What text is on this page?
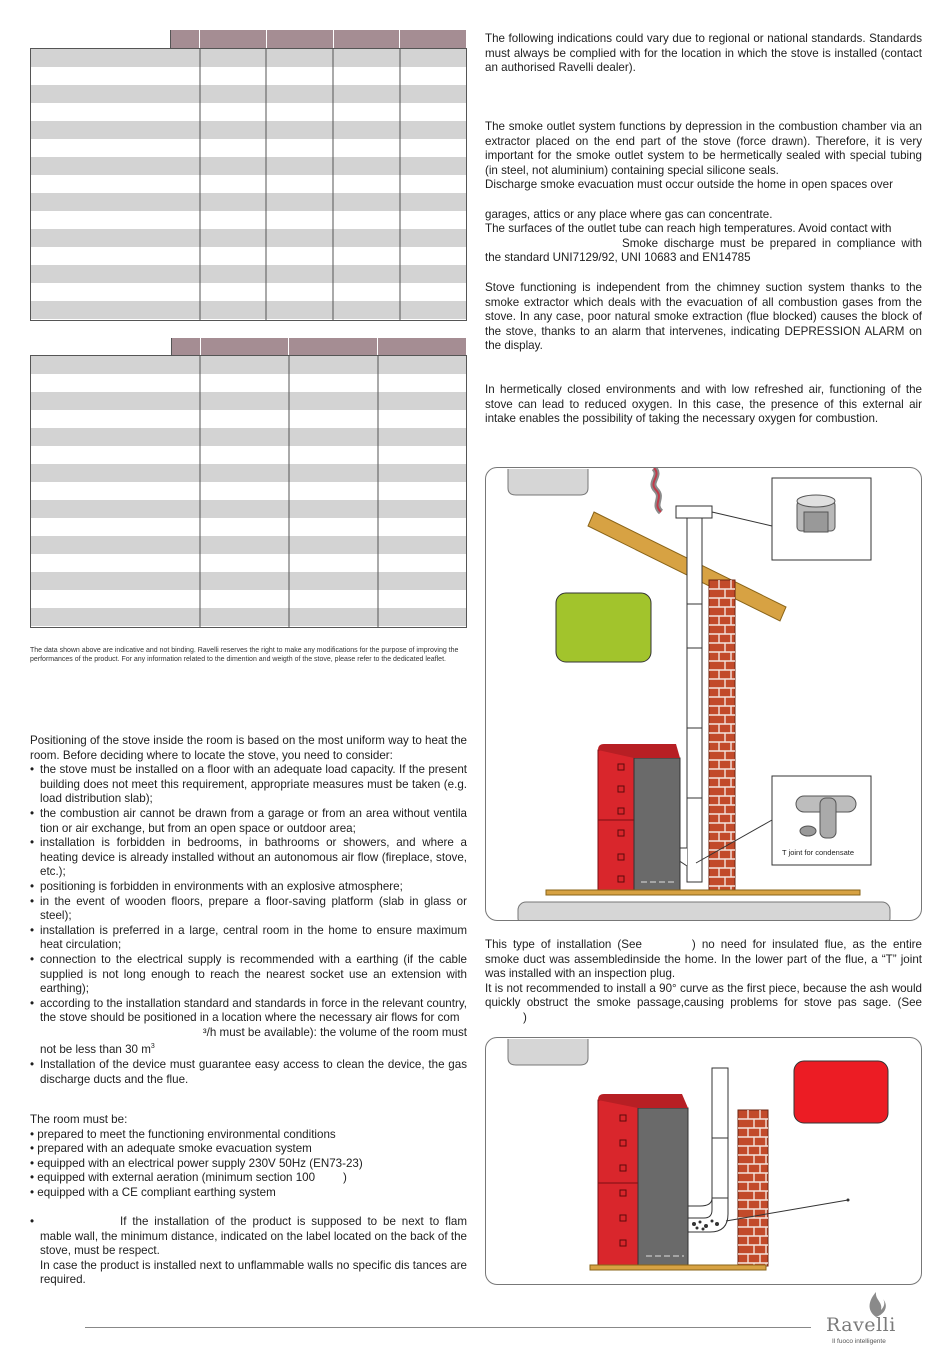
The data shown above are indicative and not binding. Ravelli reserves the right to make any modifications for the purpose of improving the performances of the product. For any information related to the dimention and weigth of the stove, please refer to the dedicated leaflet.

Positioning of the stove inside the room is based on the most uniform way to heat the room. Before deciding where to locate the stove, you need to consider:

• the stove must be installed on a floor with an adequate load capacity. If the present building does not meet this requirement, appropriate measures must be taken (e.g. load distribution slab);
• the combustion air cannot be drawn from a garage or from an area without ventila tion or air exchange, but from an open space or outdoor area;
• installation is forbidden in bedrooms, in bathrooms or showers, and where a heating device is already installed without an autonomous air flow (fireplace, stove, etc.);
• positioning is forbidden in environments with an explosive atmosphere;
• in the event of wooden floors, prepare a floor-saving platform (slab in glass or steel);
• installation is preferred in a large, central room in the home to ensure maximum heat circulation;
• connection to the electrical supply is recommended with a earthing (if the cable supplied is not long enough to reach the nearest socket use an extension with earthing);
• according to the installation standard and standards in force in the relevant country, the stove should be positioned in a location where the necessary air flows for com

³/h must be available): the volume of the room must
not be less than 30 $m^3$
• Installation of the device must guarantee easy access to clean the device, the gas discharge ducts and the flue.

The room must be:

• prepared to meet the functioning environmental conditions

• prepared with an adequate smoke evacuation system

• equipped with an electrical power supply 230V 50Hz (EN73-23)

• equipped with external aeration (minimum section 100 )

• equipped with a CE compliant earthing system

•	If the installation of the product is supposed to be next to flam mable wall, the minimum distance, indicated on the label located on the back of the stove, must be respect.
In case the product is installed next to unflammable walls no specific dis tances are required.
The following indications could vary due to regional or national standards. Standards must always be complied with for the location in which the stove is installed (contact an authorised Ravelli dealer).

The smoke outlet system functions by depression in the combustion chamber via an extractor placed on the end part of the stove (force drawn). Therefore, it is very important for the smoke outlet system to be hermetically sealed with special tubing (in steel, not aluminium) containing special silicone seals.

Discharge smoke evacuation must occur outside the home in open spaces over

garages, attics or any place where gas can concentrate.

The surfaces of the outlet tube can reach high temperatures. Avoid contact with

Smoke discharge must be prepared in compliance with the standard UNI7129/92, UNI 10683 and EN14785

Stove functioning is independent from the chimney suction system thanks to the smoke extractor which deals with the evacuation of all combustion gases from the stove. In any case, poor natural smoke extraction (flue blocked) causes the block of the stove, thanks to an alarm that intervenes, indicating DEPRESSION ALARM on the display.
In hermetically closed environments and with low refreshed air, functioning of the stove can lead to reduced oxygen. In this case, the presence of this external air intake enables the possibility of taking the necessary oxygen for combustion.
T joint for condensate
This type of installation (See	) no need for insulated flue, as the entire smoke duct was assembledinside the home. In the lower part of the flue, a “T” joint was installed with an inspection plug.
It is not recommended to install a 90° curve as the first piece, because the ash would quickly obstruct the smoke passage,causing problems for stove pas sage. (See)
Ravelli
Il fuoco intelligente
